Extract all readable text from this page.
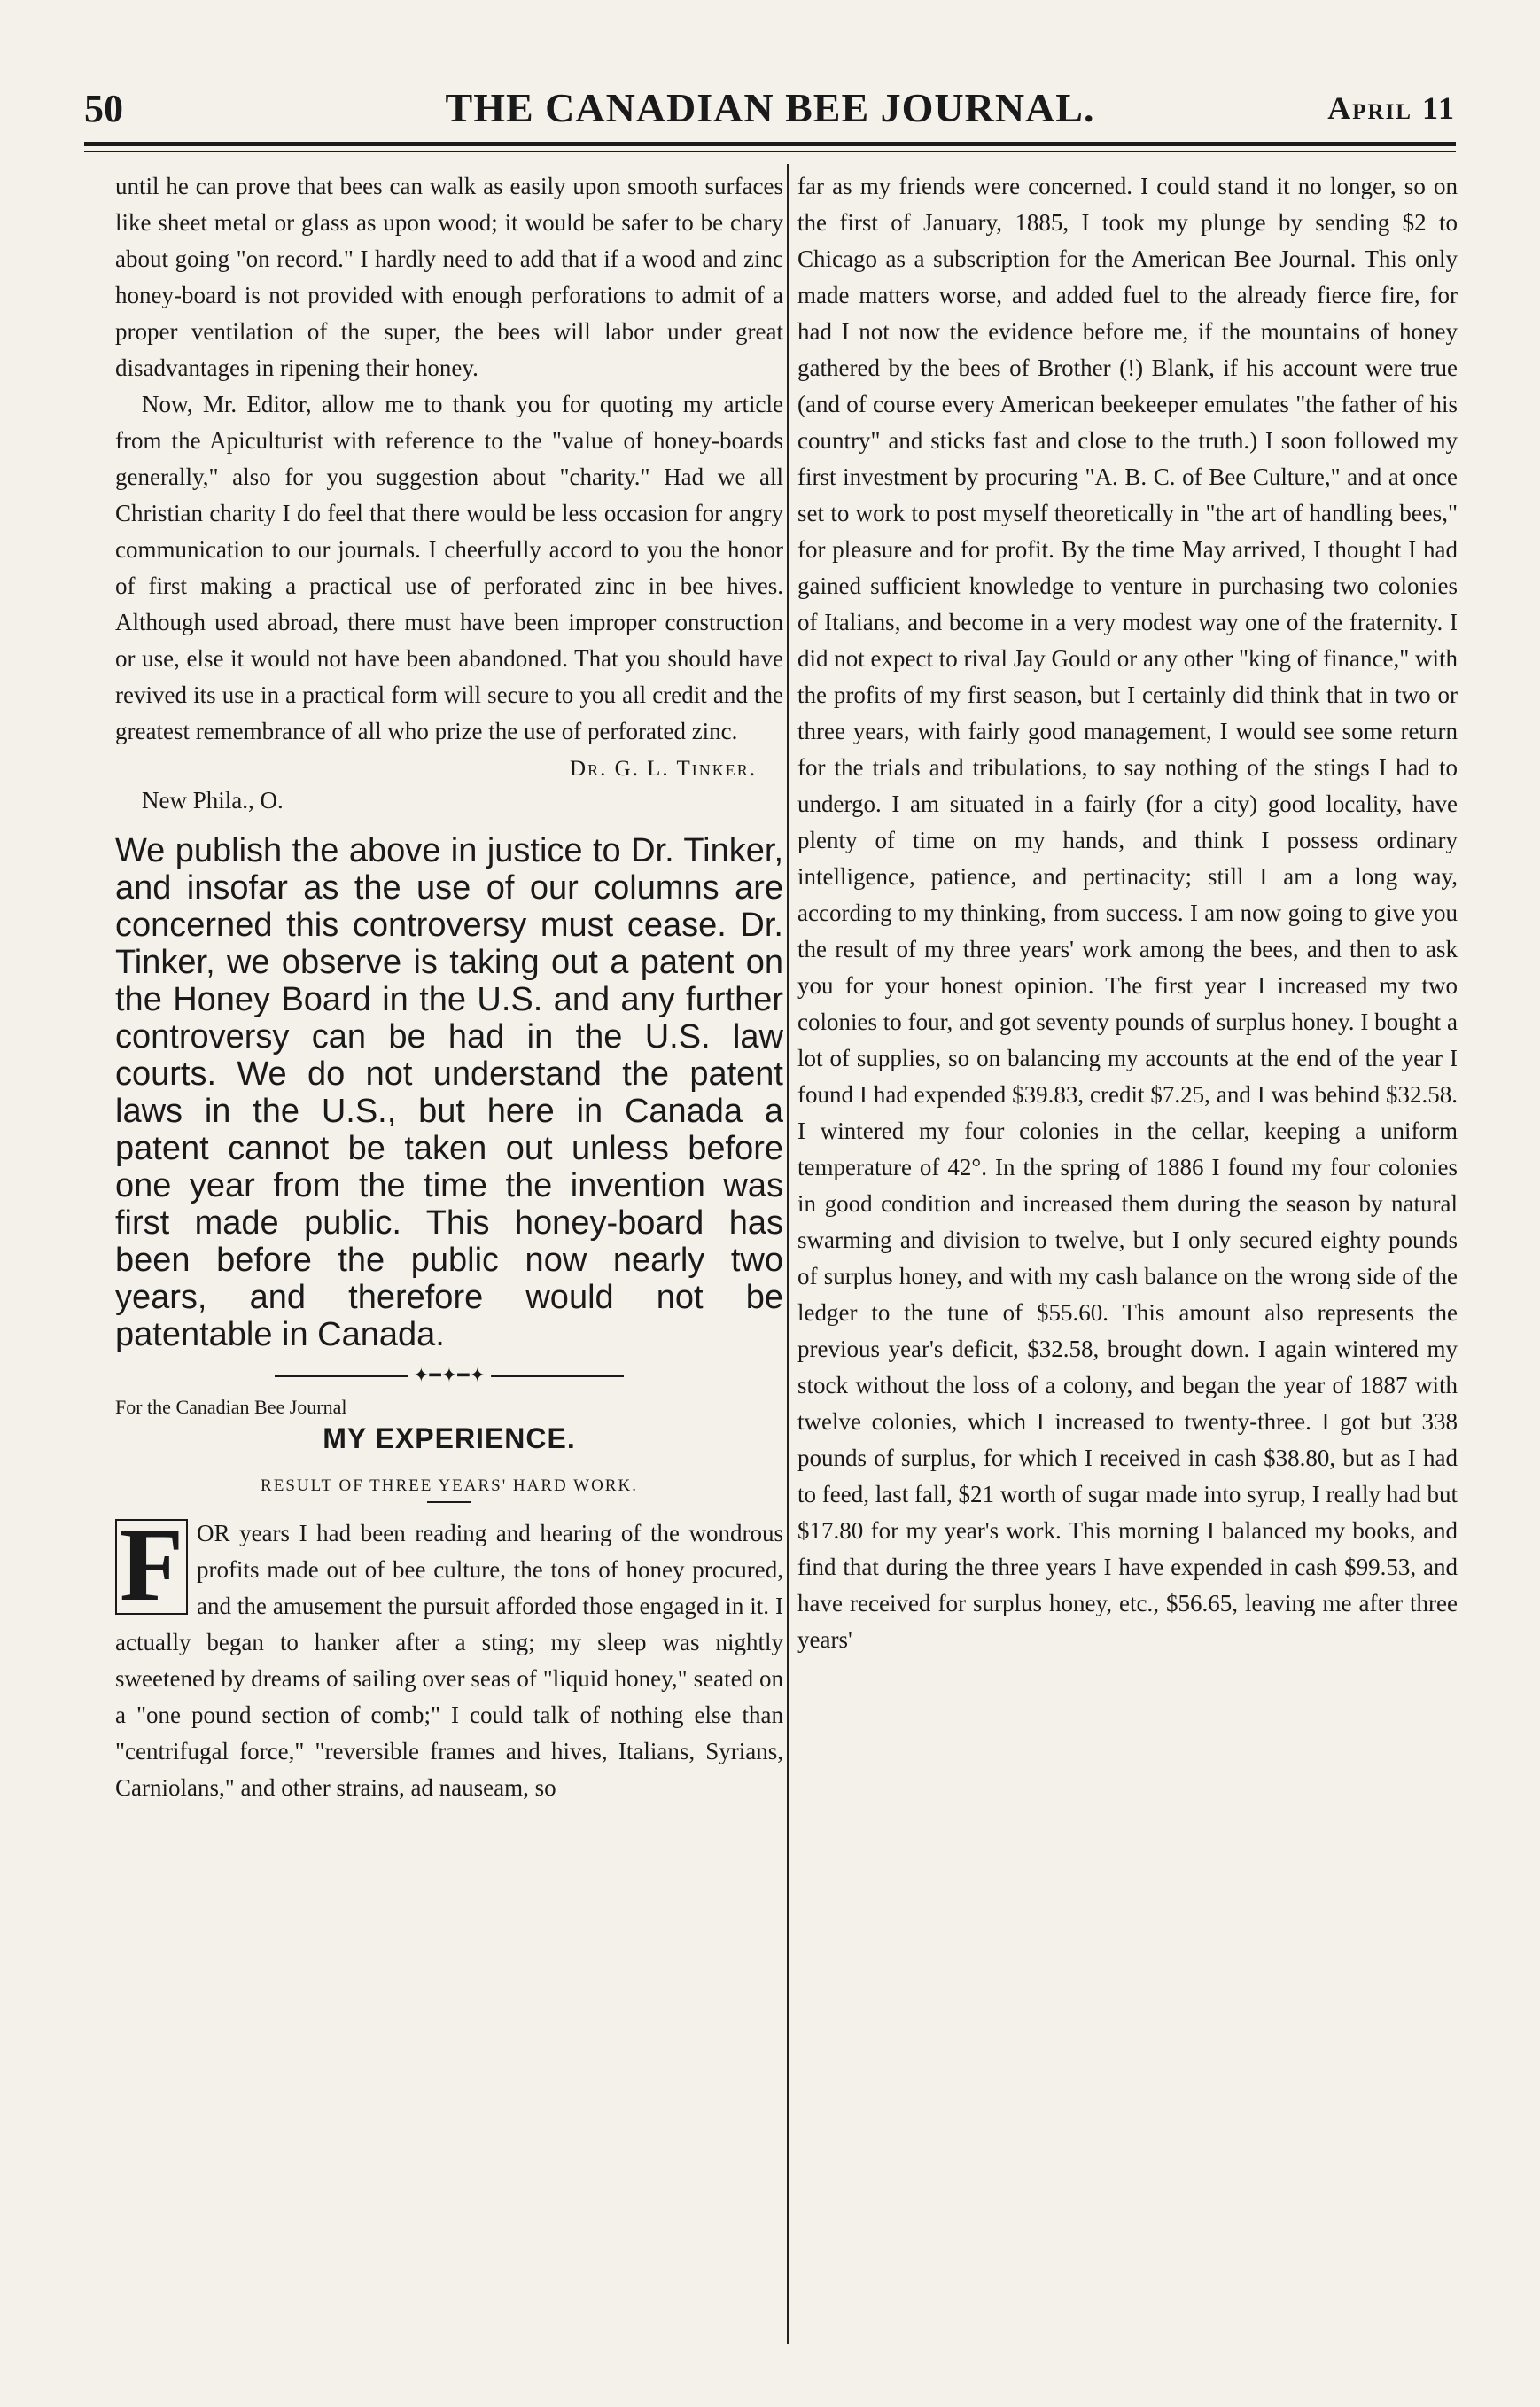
50	THE CANADIAN BEE JOURNAL.	April 11

until he can prove that bees can walk as easily upon smooth surfaces like sheet metal or glass as upon wood; it would be safer to be chary about going "on record." I hardly need to add that if a wood and zinc honey-board is not provided with enough perforations to admit of a proper ventilation of the super, the bees will labor under great disadvantages in ripening their honey.

Now, Mr. Editor, allow me to thank you for quoting my article from the Apiculturist with reference to the "value of honey-boards generally," also for you suggestion about "charity." Had we all Christian charity I do feel that there would be less occasion for angry communication to our journals. I cheerfully accord to you the honor of first making a practical use of perforated zinc in bee hives. Although used abroad, there must have been improper construction or use, else it would not have been abandoned. That you should have revived its use in a practical form will secure to you all credit and the greatest remembrance of all who prize the use of perforated zinc.

Dr. G. L. Tinker.
New Phila., O.

We publish the above in justice to Dr. Tinker, and insofar as the use of our columns are concerned this controversy must cease. Dr. Tinker, we observe is taking out a patent on the Honey Board in the U.S. and any further controversy can be had in the U.S. law courts. We do not understand the patent laws in the U.S., but here in Canada a patent cannot be taken out unless before one year from the time the invention was first made public. This honey-board has been before the public now nearly two years, and therefore would not be patentable in Canada.

✦━✦━✦
For the Canadian Bee Journal
MY EXPERIENCE.
RESULT OF THREE YEARS' HARD WORK.
F OR years I had been reading and hearing of the wondrous profits made out of bee culture, the tons of honey procured, and the amusement the pursuit afforded those engaged in it. I actually began to hanker after a sting; my sleep was nightly sweetened by dreams of sailing over seas of "liquid honey," seated on a "one pound section of comb;" I could talk of nothing else than "centrifugal force," "reversible frames and hives, Italians, Syrians, Carniolans," and other strains, ad nauseam, so

far as my friends were concerned. I could stand it no longer, so on the first of January, 1885, I took my plunge by sending $2 to Chicago as a subscription for the American Bee Journal. This only made matters worse, and added fuel to the already fierce fire, for had I not now the evidence before me, if the mountains of honey gathered by the bees of Brother (!) Blank, if his account were true (and of course every American beekeeper emulates "the father of his country" and sticks fast and close to the truth.) I soon followed my first investment by procuring "A. B. C. of Bee Culture," and at once set to work to post myself theoretically in "the art of handling bees," for pleasure and for profit. By the time May arrived, I thought I had gained sufficient knowledge to venture in purchasing two colonies of Italians, and become in a very modest way one of the fraternity. I did not expect to rival Jay Gould or any other "king of finance," with the profits of my first season, but I certainly did think that in two or three years, with fairly good management, I would see some return for the trials and tribulations, to say nothing of the stings I had to undergo. I am situated in a fairly (for a city) good locality, have plenty of time on my hands, and think I possess ordinary intelligence, patience, and pertinacity; still I am a long way, according to my thinking, from success. I am now going to give you the result of my three years' work among the bees, and then to ask you for your honest opinion. The first year I increased my two colonies to four, and got seventy pounds of surplus honey. I bought a lot of supplies, so on balancing my accounts at the end of the year I found I had expended $39.83, credit $7.25, and I was behind $32.58. I wintered my four colonies in the cellar, keeping a uniform temperature of 42°. In the spring of 1886 I found my four colonies in good condition and increased them during the season by natural swarming and division to twelve, but I only secured eighty pounds of surplus honey, and with my cash balance on the wrong side of the ledger to the tune of $55.60. This amount also represents the previous year's deficit, $32.58, brought down. I again wintered my stock without the loss of a colony, and began the year of 1887 with twelve colonies, which I increased to twenty-three. I got but 338 pounds of surplus, for which I received in cash $38.80, but as I had to feed, last fall, $21 worth of sugar made into syrup, I really had but $17.80 for my year's work. This morning I balanced my books, and find that during the three years I have expended in cash $99.53, and have received for surplus honey, etc., $56.65, leaving me after three years'
